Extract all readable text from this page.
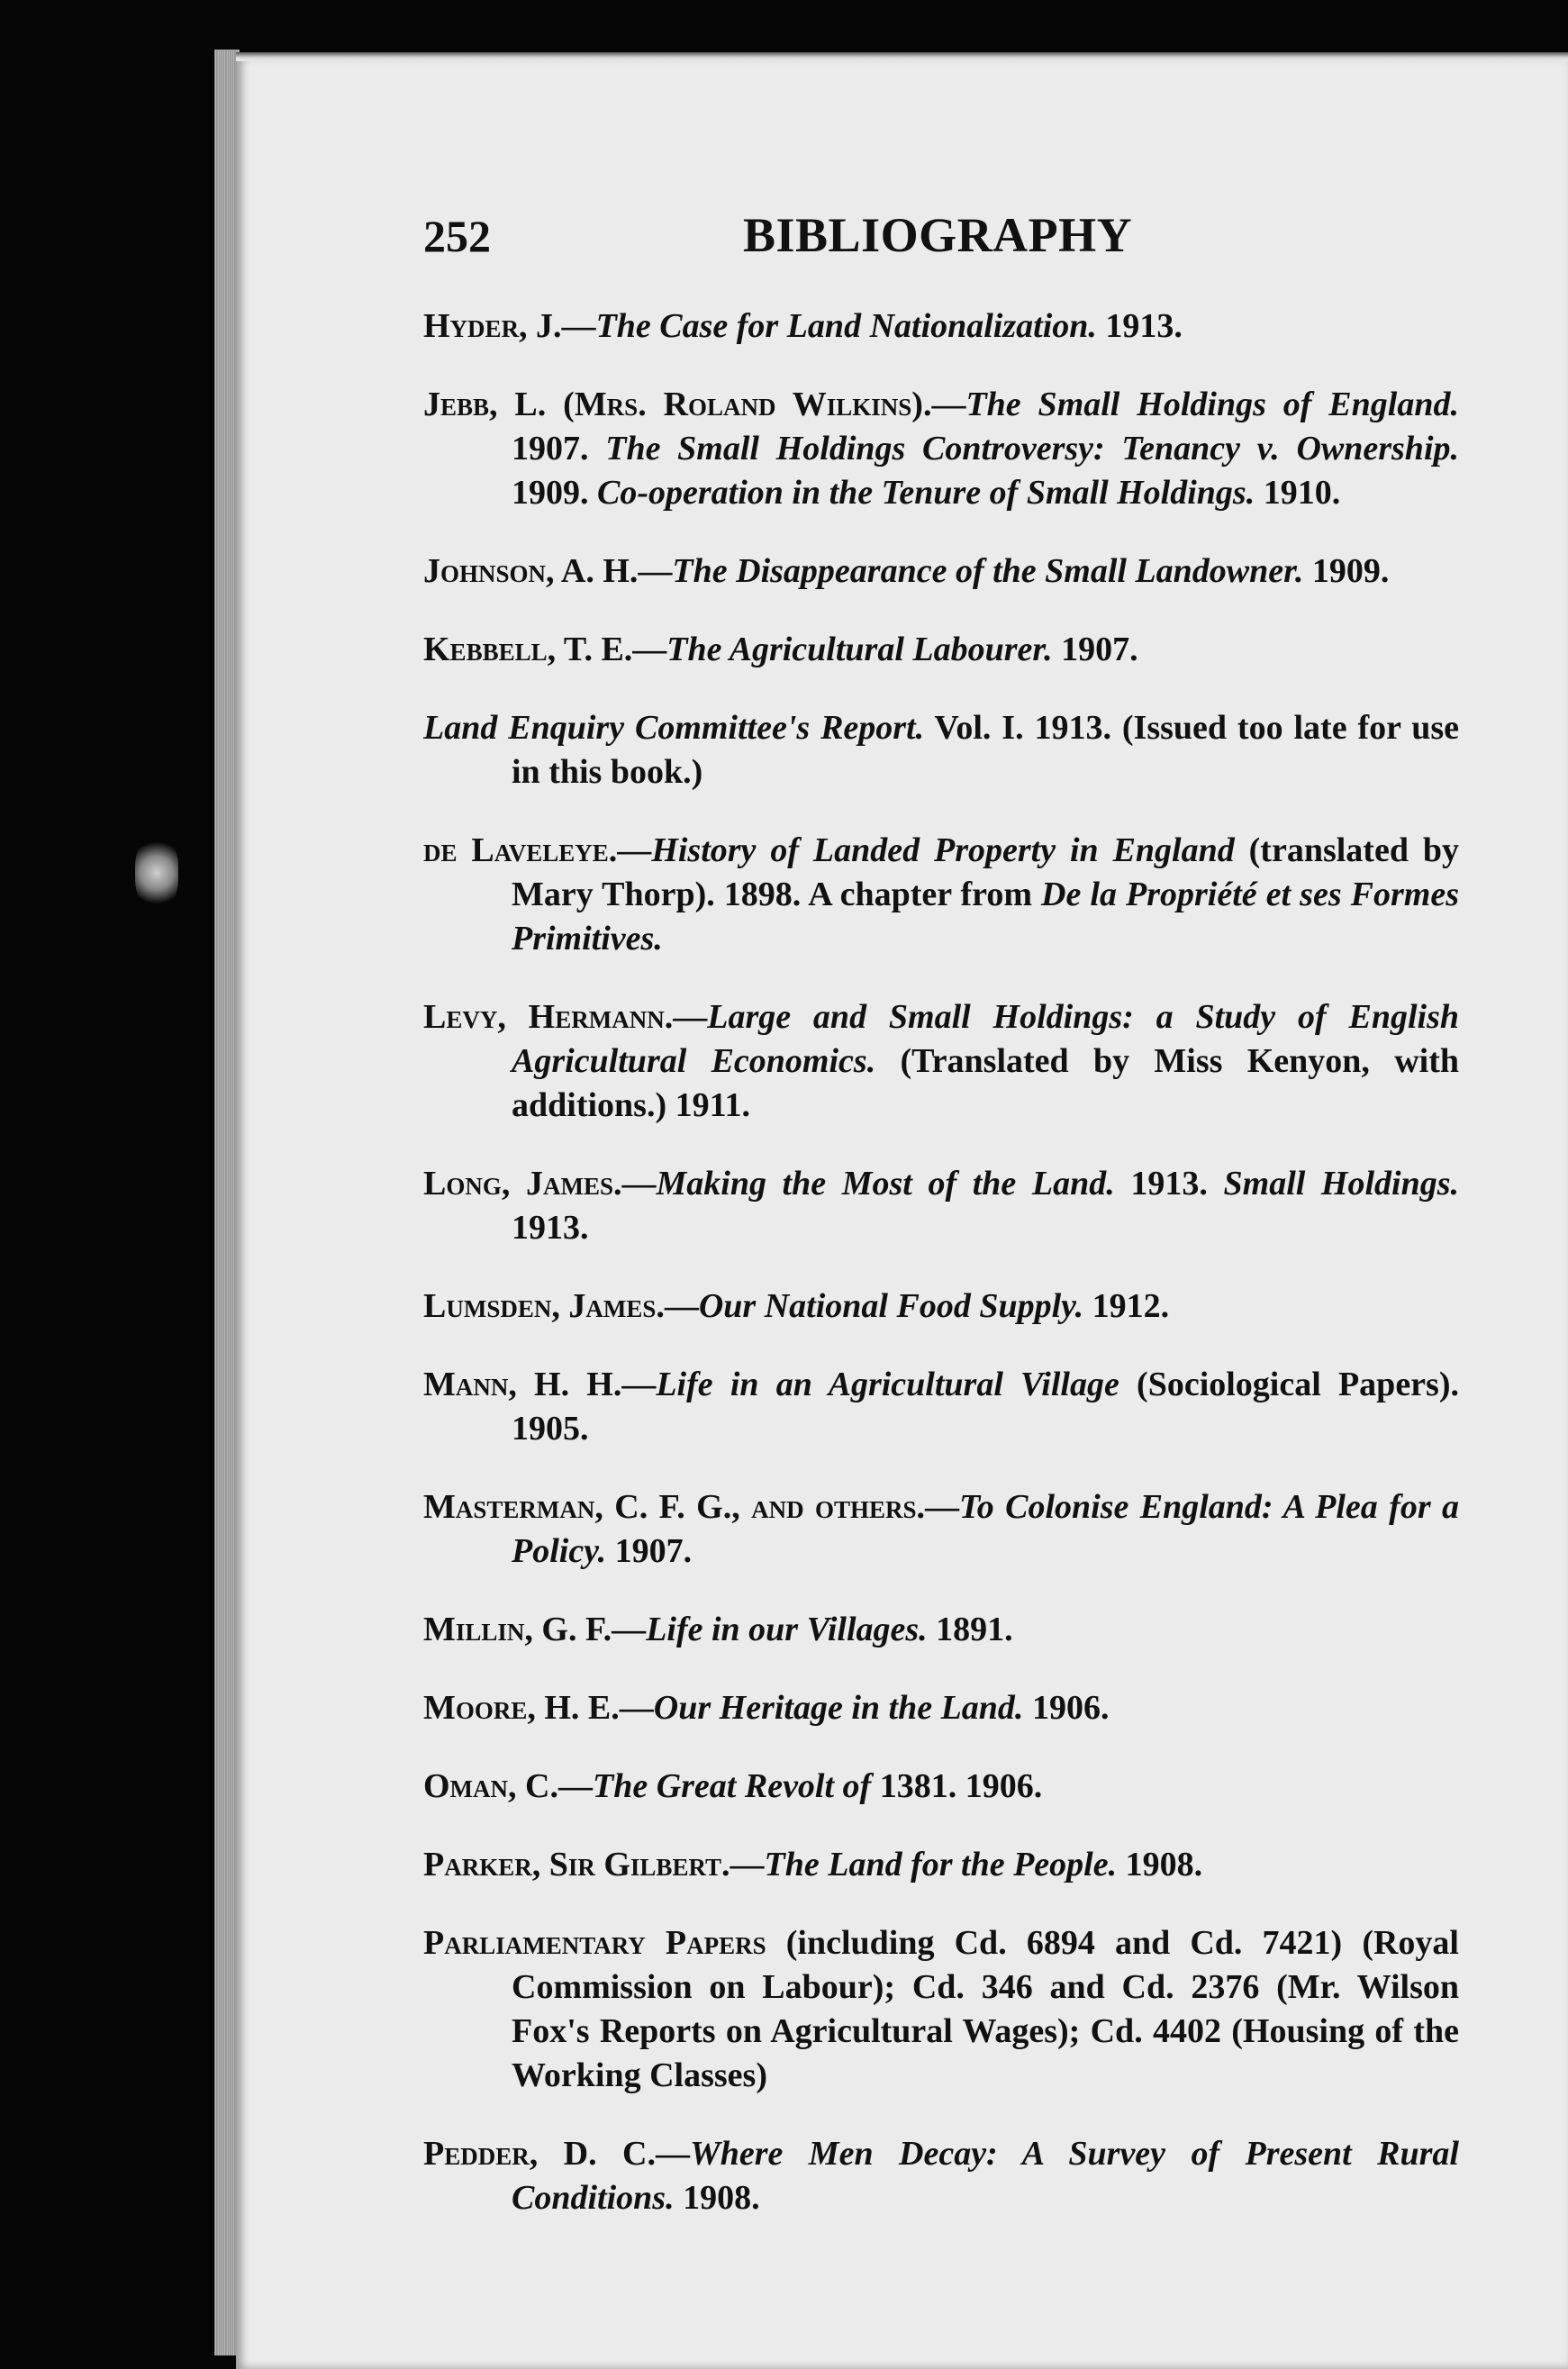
252	BIBLIOGRAPHY

Hyder, J.—The Case for Land Nationalization. 1913.

Jebb, L. (Mrs. Roland Wilkins).—The Small Holdings of England. 1907. The Small Holdings Controversy: Tenancy v. Ownership. 1909. Co-operation in the Tenure of Small Holdings. 1910.

Johnson, A. H.—The Disappearance of the Small Landowner. 1909.

Kebbell, T. E.—The Agricultural Labourer. 1907.

Land Enquiry Committee's Report. Vol. I. 1913. (Issued too late for use in this book.)

de Laveleye.—History of Landed Property in England (translated by Mary Thorp). 1898. A chapter from De la Propriété et ses Formes Primitives.

Levy, Hermann.—Large and Small Holdings: a Study of English Agricultural Economics. (Translated by Miss Kenyon, with additions.) 1911.

Long, James.—Making the Most of the Land. 1913. Small Holdings. 1913.

Lumsden, James.—Our National Food Supply. 1912.

Mann, H. H.—Life in an Agricultural Village (Sociological Papers). 1905.

Masterman, C. F. G., and others.—To Colonise England: A Plea for a Policy. 1907.

Millin, G. F.—Life in our Villages. 1891.

Moore, H. E.—Our Heritage in the Land. 1906.

Oman, C.—The Great Revolt of 1381. 1906.

Parker, Sir Gilbert.—The Land for the People. 1908.

Parliamentary Papers (including Cd. 6894 and Cd. 7421) (Royal Commission on Labour); Cd. 346 and Cd. 2376 (Mr. Wilson Fox's Reports on Agricultural Wages); Cd. 4402 (Housing of the Working Classes)

Pedder, D. C.—Where Men Decay: A Survey of Present Rural Conditions. 1908.
